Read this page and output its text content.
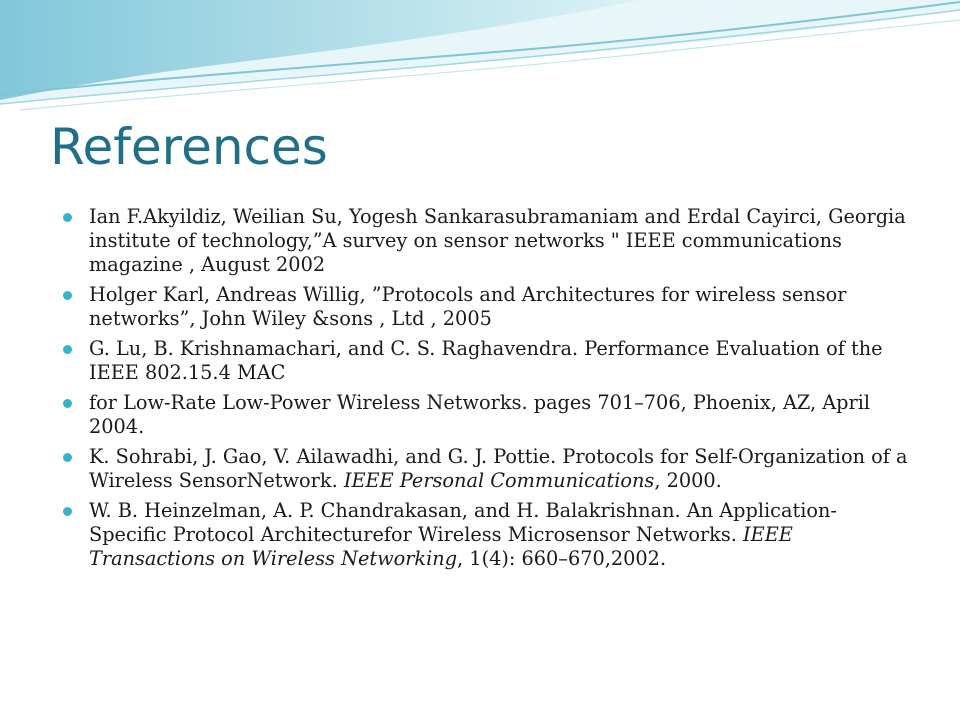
References
Ian F.Akyildiz, Weilian Su, Yogesh Sankarasubramaniam and Erdal Cayirci, Georgia institute of technology,”A survey on sensor networks " IEEE communications magazine , August 2002
Holger Karl, Andreas Willig, ”Protocols and Architectures for wireless sensor networks”, John Wiley &sons , Ltd , 2005
G. Lu, B. Krishnamachari, and C. S. Raghavendra. Performance Evaluation of the IEEE 802.15.4 MAC
for Low-Rate Low-Power Wireless Networks. pages 701–706, Phoenix, AZ, April 2004.
K. Sohrabi, J. Gao, V. Ailawadhi, and G. J. Pottie. Protocols for Self-Organization of a Wireless SensorNetwork. IEEE Personal Communications, 2000.
W. B. Heinzelman, A. P. Chandrakasan, and H. Balakrishnan. An Application-Specific Protocol Architecturefor Wireless Microsensor Networks. IEEE Transactions on Wireless Networking, 1(4): 660–670,2002.
